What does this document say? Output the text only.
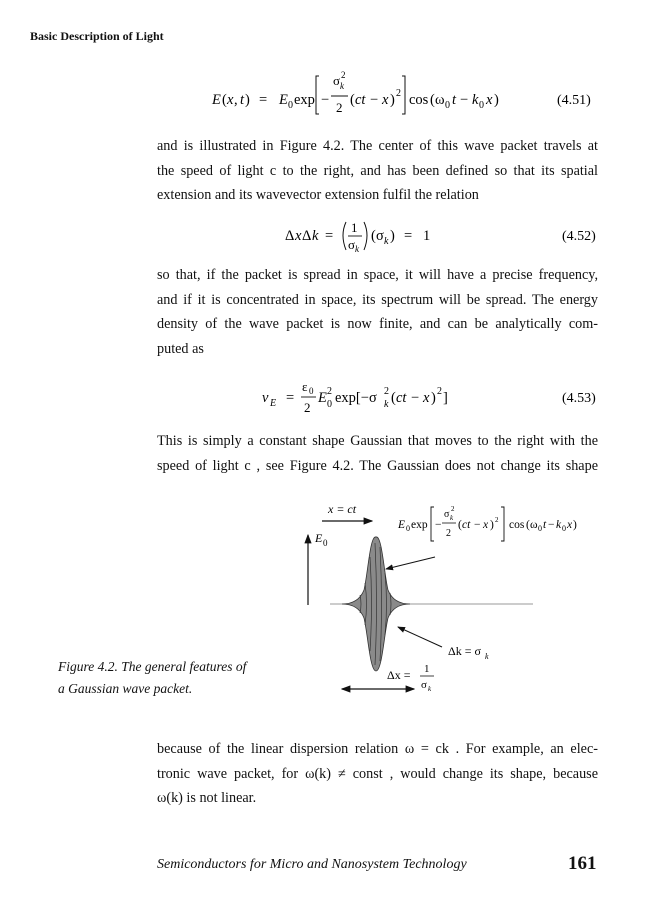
Basic Description of Light
E ( x , t ) = E 0 exp −
σ k
2
2 ( ct − x ) 2 cos ( ω 0 t − k 0 x )	(4.51)
and is illustrated in Figure 4.2. The center of this wave packet travels at
the speed of light c to the right, and has been defined so that its spatial
extension and its wavevector extension fulfil the relation
Δ x Δ k =
1
σ k
( σ k ) = 1	(4.52)
so that, if the packet is spread in space, it will have a precise frequency,
and if it is concentrated in space, its spectrum will be spread. The energy
density of the wave packet is now finite, and can be analytically com-
puted as
v E =
ε 0
2
E 2
0 exp[−σ 2
k ( ct − x ) 2 ]	(4.53)
This is simply a constant shape Gaussian that moves to the right with the
speed of light c , see Figure 4.2. The Gaussian does not change its shape
x = ct
E 0
E 0 exp −
σ k
2
2
( ct − x ) 2 cos ( ω 0 t − k 0 x )
Δk = σ k
Δx = 1
σ k
Figure 4.2. The general features of
a Gaussian wave packet.
because of the linear dispersion relation ω = ck . For example, an elec-
tronic wave packet, for ω(k) ≠ const , would change its shape, because
ω(k) is not linear.
Semiconductors for Micro and Nanosystem Technology	161
